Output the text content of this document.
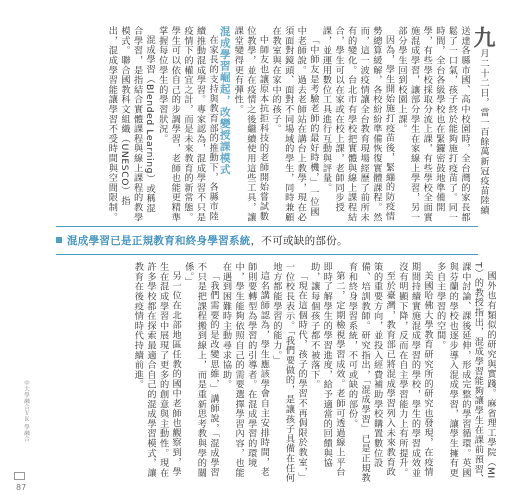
九月二十二日，當一百餘萬新冠疫苗陸續送達各縣市國、高中校園時，全台灣的家長都鬆了一口氣，孩子終於能夠施打疫苗了。同一時間，全台各級學校也在緊鑼密鼓地準備開學，有些學校採取分流上課，有些學校全面實施混成學習，讓部分學生在家線上學習，另一部分學生回到校園上課。

因為，學生開始施打疫苗後，緊繃的防疫情勢總算緩解，各校紛紛準備恢復實體課程。然而，這一波疫情讓全台教育現場經歷了前所未有的變化。台北市有學校把實體與線上課程結合，學生可以在家或在校上課，老師同步授課，並運用數位工具進行互動與評量。

「中師友是考驗老師的最好時機，」一位國中老師說。過去老師站在講台上教學，現在必須面對鏡頭、面對不同場域的學生，同時兼顧在教室與在家中的孩子。

中師友也讓原本抗拒科技的老師開始嘗試數位教學，並在疫情之後繼續使用這些工具，讓課堂變得更有彈性。

混成學習崛起，改變授課模式

在家長的支持與教育部的推動下，各縣市陸續推動混成學習。專家認為，混成學習不只是疫情下的權宜之計，而是未來教育的新常態。學生可以依自己的步調學習，老師也能更精準掌握每位學生的學習狀況。

混成學習（Blended Learning）或稱混合學習，是指結合實體課程與線上課程的教學模式。聯合國教科文組織（UNESCO）指出，混成學習能讓學習不受時間與空間限制。

混成學習已是正規教育和終身學習系統 ，不可或缺的部份。

國外也有類似的研究與實踐。麻省理工學院（MIT）的教授指出，混成學習能夠讓學生在課前預習、課中討論、課後延伸，形成完整的學習循環。英國與芬蘭的學校也逐步導入混成學習，讓學生擁有更多自主學習的空間。

美國哈佛大學教育研究所的研究也發現，在疫情期間持續實施混成學習的學校，學生的學習成效並沒有明顯下降，反而在自主學習能力上有所提升。

至於臺灣，教育部已將混成學習列入未來教育政策的重要方向，並投入經費補助學校購置數位設備、培訓教師。研究指出，「混成學習」已是正規教育和終身學習系統，不可或缺的部份。

第二，定期檢視學習成效。老師可透過線上平台即時了解學生的學習進度，給予適當的回饋與協助，讓每個孩子都不被落下。

「現在這個時代，孩子的學習不再侷限於教室，」一位校長表示。「我們要做的，是讓孩子具備在任何地方都能學習的能力。」

這名講師認為，學生應該學會自主安排時間，老師則要轉型為學習的引導者。在混成學習的環境中，學生能夠依照自己的需要選擇學習內容，也能在遇到困難時主動尋求協助。

「我們需要的是改變思維，」講師說，「混成學習不只是把課程搬到線上，而是重新思考教與學的關係。」

另一位在北部地區任教的國中老師也觀察到，學生在混成學習中展現了更多的創意與主動性。現在許多學校都在探索最適合自己的混成學習模式，讓教育在後疫情時代持續前進。

中大學融合ＹＫ 學融合
87
